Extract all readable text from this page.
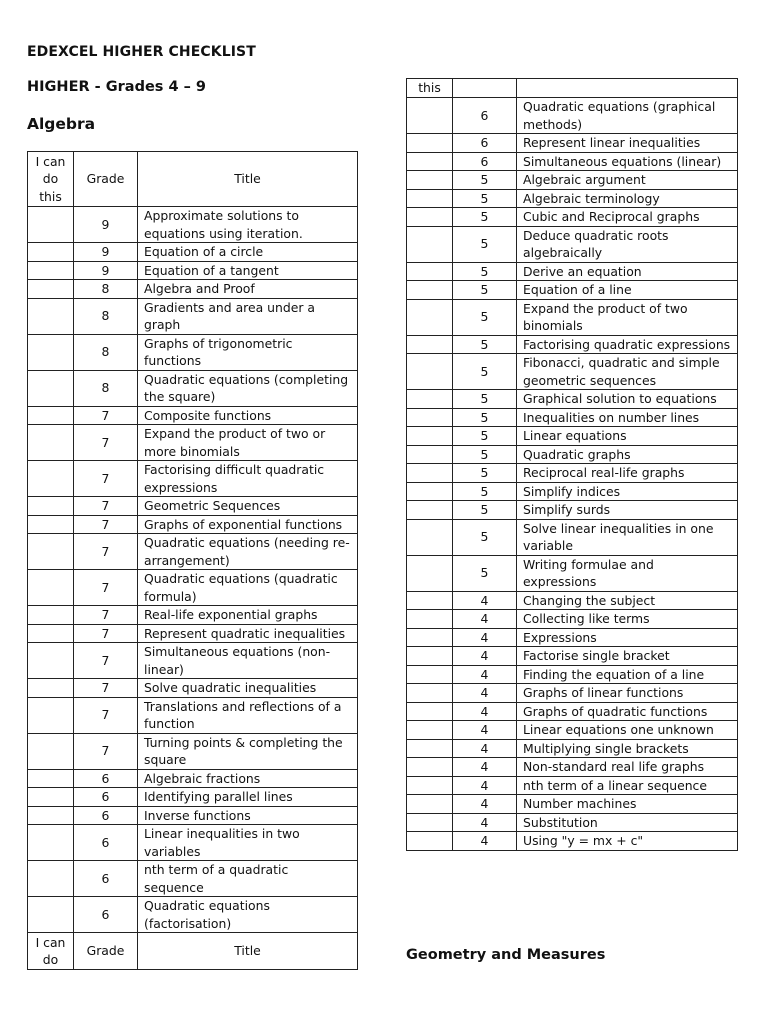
EDEXCEL HIGHER CHECKLIST
HIGHER - Grades 4 – 9
Algebra
I can do this	Grade	Title
	9	Approximate solutions to equations using iteration.
	9	Equation of a circle
	9	Equation of a tangent
	8	Algebra and Proof
	8	Gradients and area under a graph
	8	Graphs of trigonometric functions
	8	Quadratic equations (completing the square)
	7	Composite functions
	7	Expand the product of two or more binomials
	7	Factorising difficult quadratic expressions
	7	Geometric Sequences
	7	Graphs of exponential functions
	7	Quadratic equations (needing re-arrangement)
	7	Quadratic equations (quadratic formula)
	7	Real-life exponential graphs
	7	Represent quadratic inequalities
	7	Simultaneous equations (non-linear)
	7	Solve quadratic inequalities
	7	Translations and reflections of a function
	7	Turning points & completing the square
	6	Algebraic fractions
	6	Identifying parallel lines
	6	Inverse functions
	6	Linear inequalities in two variables
	6	nth term of a quadratic sequence
	6	Quadratic equations (factorisation)
I can do	Grade	Title
this		
	6	Quadratic equations (graphical methods)
	6	Represent linear inequalities
	6	Simultaneous equations (linear)
	5	Algebraic argument
	5	Algebraic terminology
	5	Cubic and Reciprocal graphs
	5	Deduce quadratic roots algebraically
	5	Derive an equation
	5	Equation of a line
	5	Expand the product of two binomials
	5	Factorising quadratic expressions
	5	Fibonacci, quadratic and simple geometric sequences
	5	Graphical solution to equations
	5	Inequalities on number lines
	5	Linear equations
	5	Quadratic graphs
	5	Reciprocal real-life graphs
	5	Simplify indices
	5	Simplify surds
	5	Solve linear inequalities in one variable
	5	Writing formulae and expressions
	4	Changing the subject
	4	Collecting like terms
	4	Expressions
	4	Factorise single bracket
	4	Finding the equation of a line
	4	Graphs of linear functions
	4	Graphs of quadratic functions
	4	Linear equations one unknown
	4	Multiplying single brackets
	4	Non-standard real life graphs
	4	nth term of a linear sequence
	4	Number machines
	4	Substitution
	4	Using "y = mx + c"
Geometry and Measures
